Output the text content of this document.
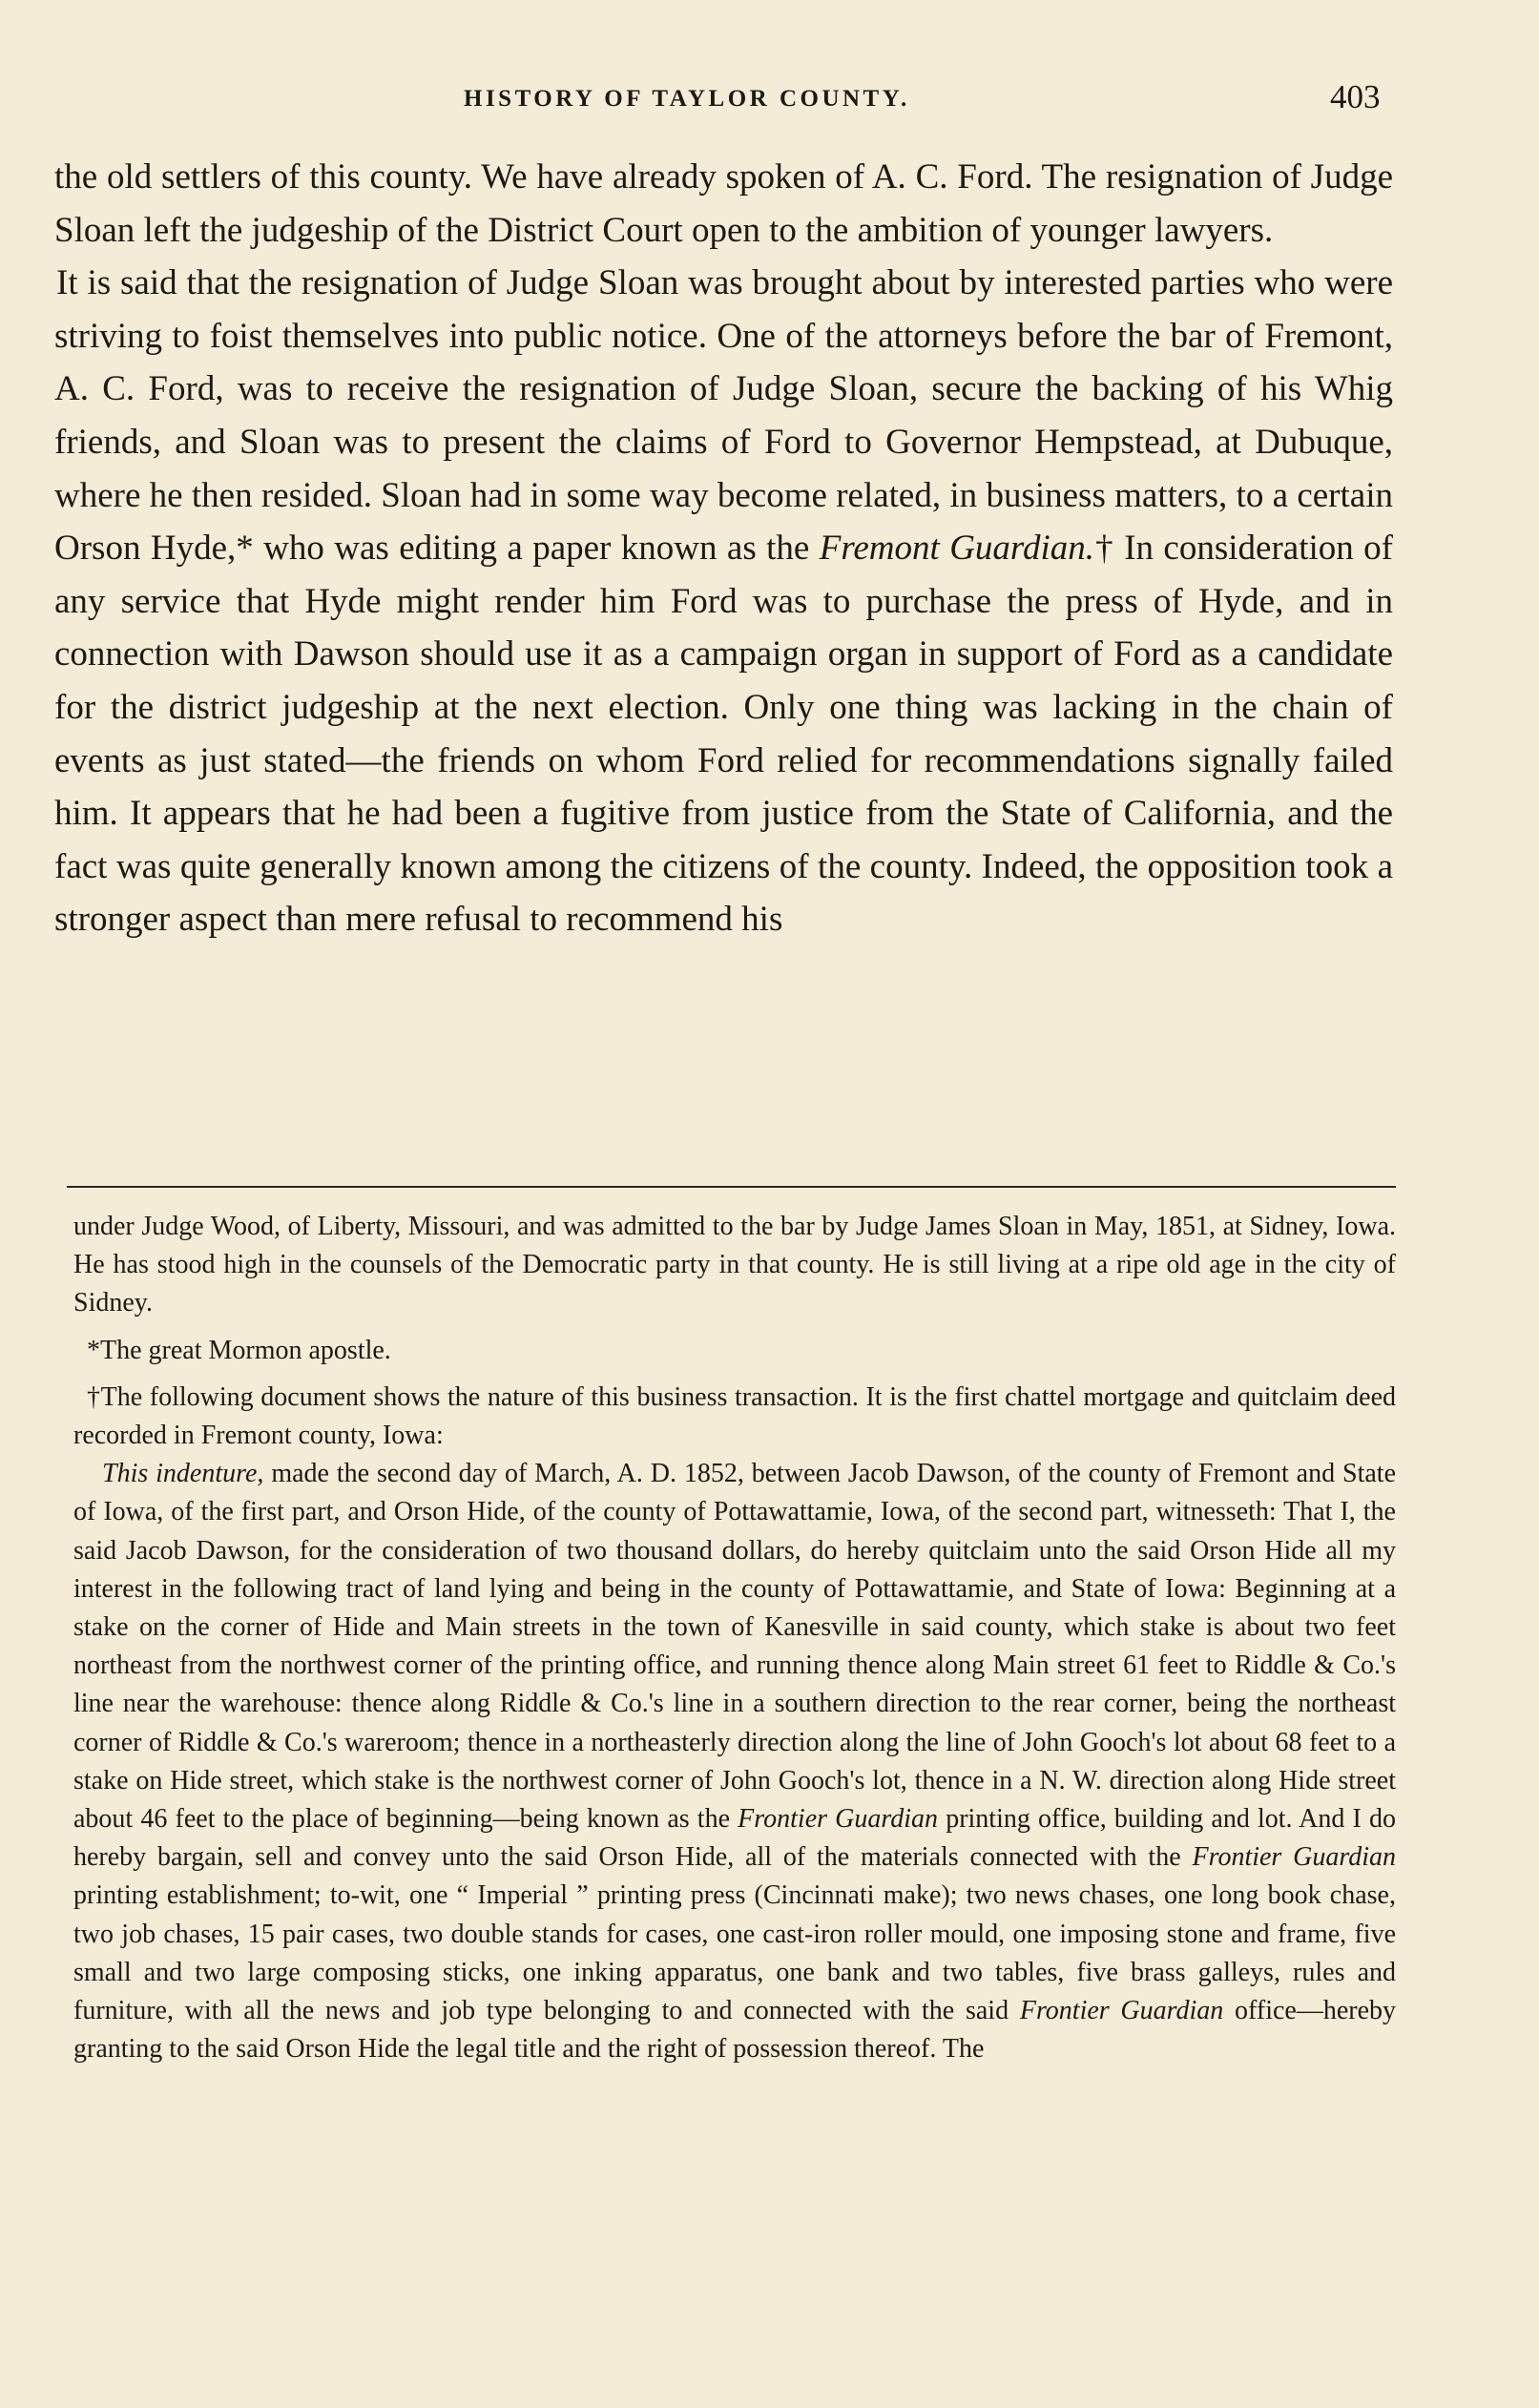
HISTORY OF TAYLOR COUNTY.	403

the old settlers of this county. We have already spoken of A. C. Ford. The resignation of Judge Sloan left the judgeship of the District Court open to the ambition of younger lawyers.

It is said that the resignation of Judge Sloan was brought about by interested parties who were striving to foist themselves into public notice. One of the attorneys before the bar of Fremont, A. C. Ford, was to receive the resignation of Judge Sloan, secure the backing of his Whig friends, and Sloan was to present the claims of Ford to Governor Hempstead, at Dubuque, where he then resided. Sloan had in some way become related, in business matters, to a certain Orson Hyde,* who was editing a paper known as the Fremont Guardian.† In consideration of any service that Hyde might render him Ford was to purchase the press of Hyde, and in connection with Dawson should use it as a campaign organ in support of Ford as a candidate for the district judgeship at the next election. Only one thing was lacking in the chain of events as just stated—the friends on whom Ford relied for recommendations signally failed him. It appears that he had been a fugitive from justice from the State of California, and the fact was quite generally known among the citizens of the county. Indeed, the opposition took a stronger aspect than mere refusal to recommend his

under Judge Wood, of Liberty, Missouri, and was admitted to the bar by Judge James Sloan in May, 1851, at Sidney, Iowa. He has stood high in the counsels of the Democratic party in that county. He is still living at a ripe old age in the city of Sidney.

*The great Mormon apostle.

†The following document shows the nature of this business transaction. It is the first chattel mortgage and quitclaim deed recorded in Fremont county, Iowa:

This indenture, made the second day of March, A. D. 1852, between Jacob Dawson, of the county of Fremont and State of Iowa, of the first part, and Orson Hide, of the county of Pottawattamie, Iowa, of the second part, witnesseth: That I, the said Jacob Dawson, for the consideration of two thousand dollars, do hereby quitclaim unto the said Orson Hide all my interest in the following tract of land lying and being in the county of Pottawattamie, and State of Iowa: Beginning at a stake on the corner of Hide and Main streets in the town of Kanesville in said county, which stake is about two feet northeast from the northwest corner of the printing office, and running thence along Main street 61 feet to Riddle & Co.'s line near the warehouse: thence along Riddle & Co.'s line in a southern direction to the rear corner, being the northeast corner of Riddle & Co.'s wareroom; thence in a northeasterly direction along the line of John Gooch's lot about 68 feet to a stake on Hide street, which stake is the northwest corner of John Gooch's lot, thence in a N. W. direction along Hide street about 46 feet to the place of beginning—being known as the Frontier Guardian printing office, building and lot. And I do hereby bargain, sell and convey unto the said Orson Hide, all of the materials connected with the Frontier Guardian printing establishment; to-wit, one “ Imperial ” printing press (Cincinnati make); two news chases, one long book chase, two job chases, 15 pair cases, two double stands for cases, one cast-iron roller mould, one imposing stone and frame, five small and two large composing sticks, one inking apparatus, one bank and two tables, five brass galleys, rules and furniture, with all the news and job type belonging to and connected with the said Frontier Guardian office—hereby granting to the said Orson Hide the legal title and the right of possession thereof. The
